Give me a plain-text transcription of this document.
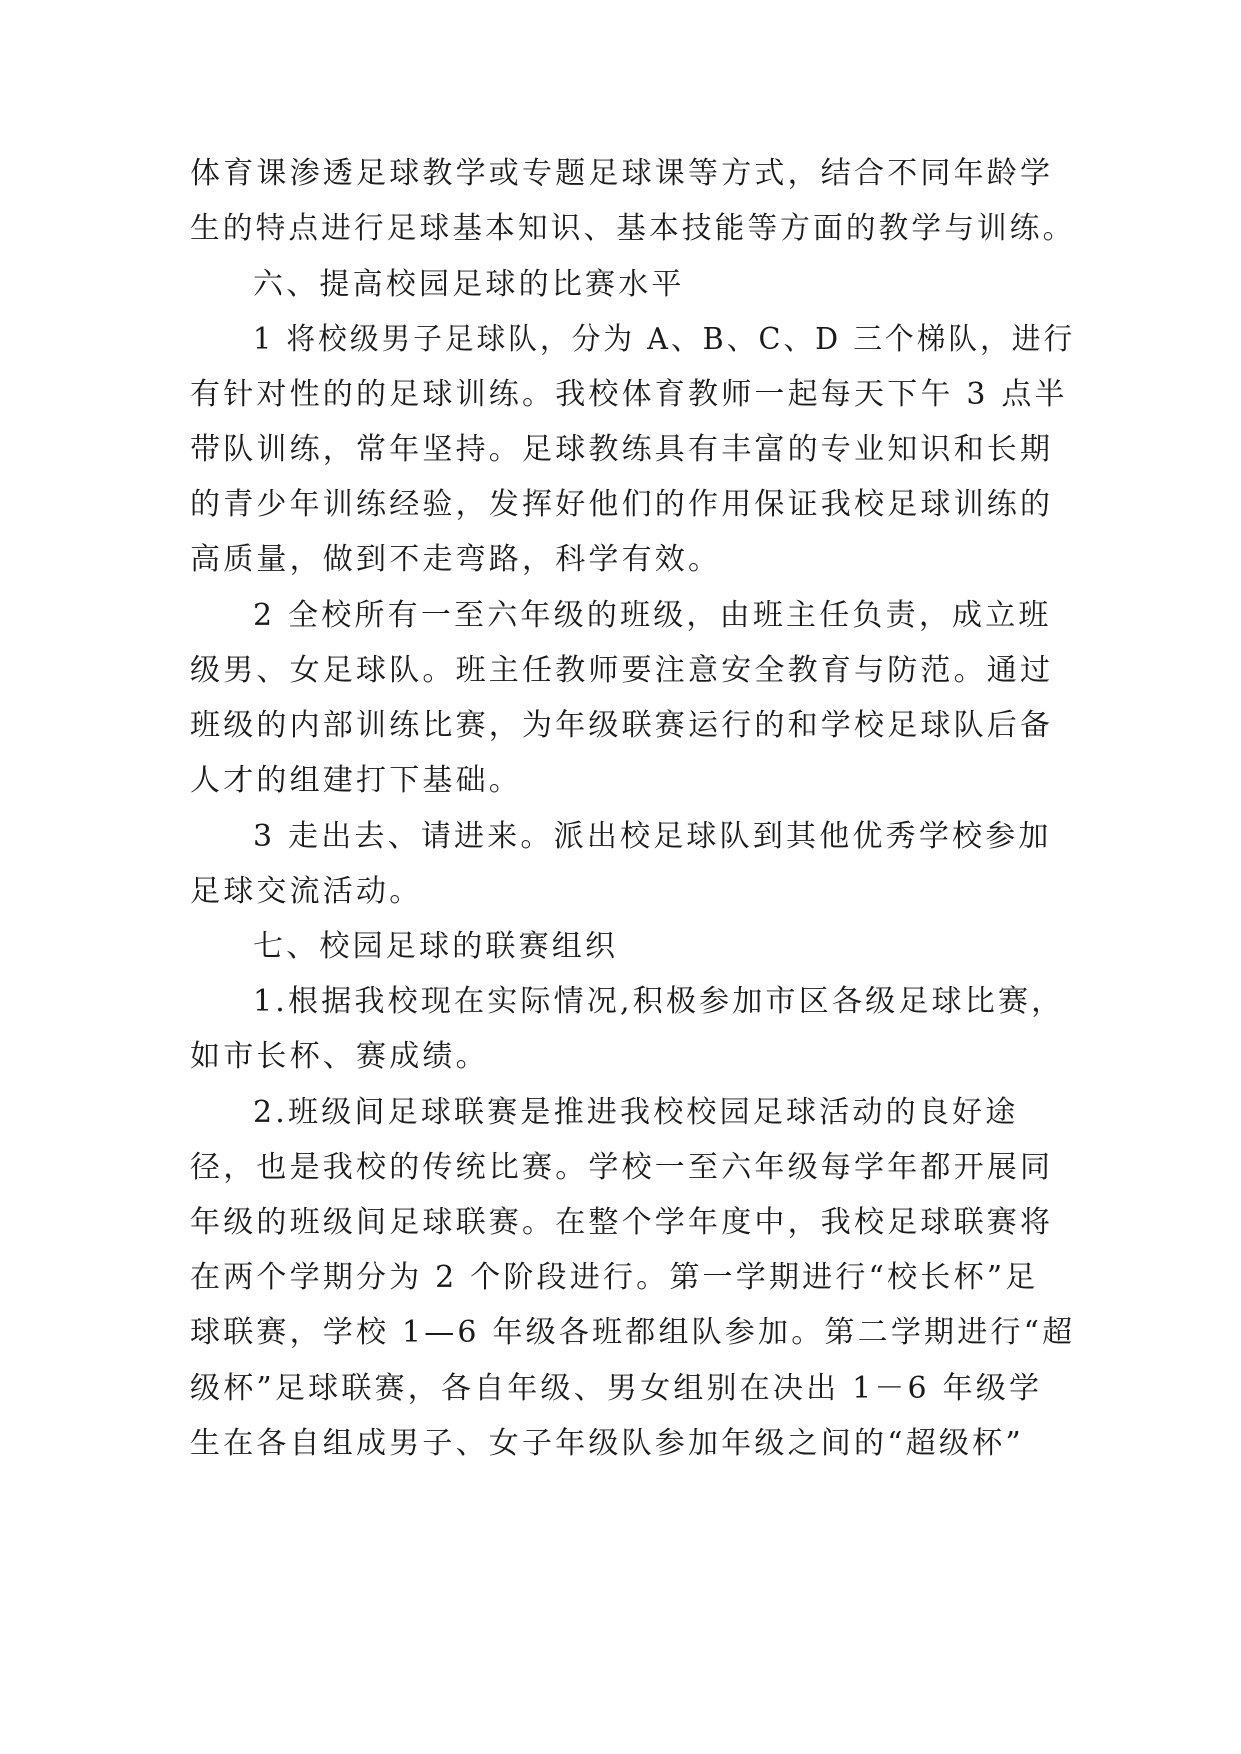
体育课渗透足球教学或专题足球课等方式，结合不同年龄学
生的特点进行足球基本知识、基本技能等方面的教学与训练。
六、提高校园足球的比赛水平
1 将校级男子足球队，分为 A、B、C、D 三个梯队，进行
有针对性的的足球训练。我校体育教师一起每天下午 3 点半
带队训练，常年坚持。足球教练具有丰富的专业知识和长期
的青少年训练经验，发挥好他们的作用保证我校足球训练的
高质量，做到不走弯路，科学有效。
2 全校所有一至六年级的班级，由班主任负责，成立班
级男、女足球队。班主任教师要注意安全教育与防范。通过
班级的内部训练比赛，为年级联赛运行的和学校足球队后备
人才的组建打下基础。
3 走出去、请进来。派出校足球队到其他优秀学校参加
足球交流活动。
七、校园足球的联赛组织
1.根据我校现在实际情况,积极参加市区各级足球比赛，
如市长杯、赛成绩。
2.班级间足球联赛是推进我校校园足球活动的良好途
径，也是我校的传统比赛。学校一至六年级每学年都开展同
年级的班级间足球联赛。在整个学年度中，我校足球联赛将
在两个学期分为 2 个阶段进行。第一学期进行“校长杯”足
球联赛，学校 1—6 年级各班都组队参加。第二学期进行“超
级杯”足球联赛，各自年级、男女组别在决出 1－6 年级学
生在各自组成男子、女子年级队参加年级之间的“超级杯”
